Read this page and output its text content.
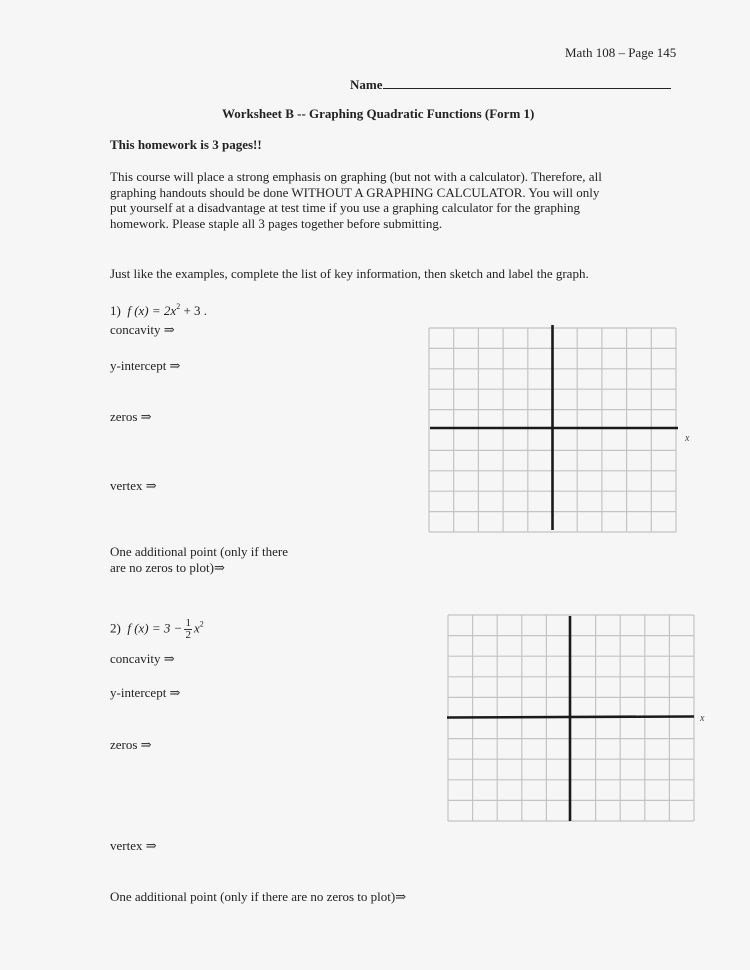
Math 108 – Page 145
Name
Worksheet B -- Graphing Quadratic Functions (Form 1)
This homework is 3 pages!!
This course will place a strong emphasis on graphing (but not with a calculator). Therefore, all
graphing handouts should be done WITHOUT A GRAPHING CALCULATOR. You will only
put yourself at a disadvantage at test time if you use a graphing calculator for the graphing
homework. Please staple all 3 pages together before submitting.
Just like the examples, complete the list of key information, then sketch and label the graph.
1) f $(x) = 2x^2 + 3$ .
concavity ⇒
y-intercept ⇒
zeros ⇒
vertex ⇒
One additional point (only if there
are no zeros to plot)⇒
x
2) f $(x) = 3 - \frac{1}{2} x^2$
concavity ⇒
y-intercept ⇒
zeros ⇒
vertex ⇒
One additional point (only if there are no zeros to plot)⇒
x
